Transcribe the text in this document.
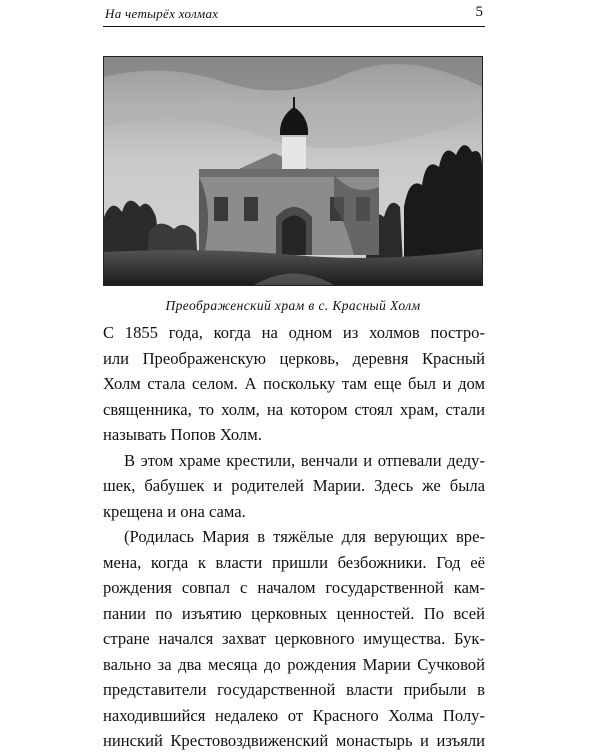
На четырёх холмах	5
Преображенский храм в с. Красный Холм
С 1855 года, когда на одном из холмов постро-
или Преображенскую церковь, деревня Красный
Холм стала селом. А поскольку там еще был и дом
священника, то холм, на котором стоял храм, стали
называть Попов Холм.
В этом храме крестили, венчали и отпевали деду-
шек, бабушек и родителей Марии. Здесь же была
крещена и она сама.
(Родилась Мария в тяжёлые для верующих вре-
мена, когда к власти пришли безбожники. Год её
рождения совпал с началом государственной кам-
пании по изъятию церковных ценностей. По всей
стране начался захват церковного имущества. Бук-
вально за два месяца до рождения Марии Сучковой
представители государственной власти прибыли в
находившийся недалеко от Красного Холма Полу-
нинский Крестовоздвиженский монастырь и изъяли
